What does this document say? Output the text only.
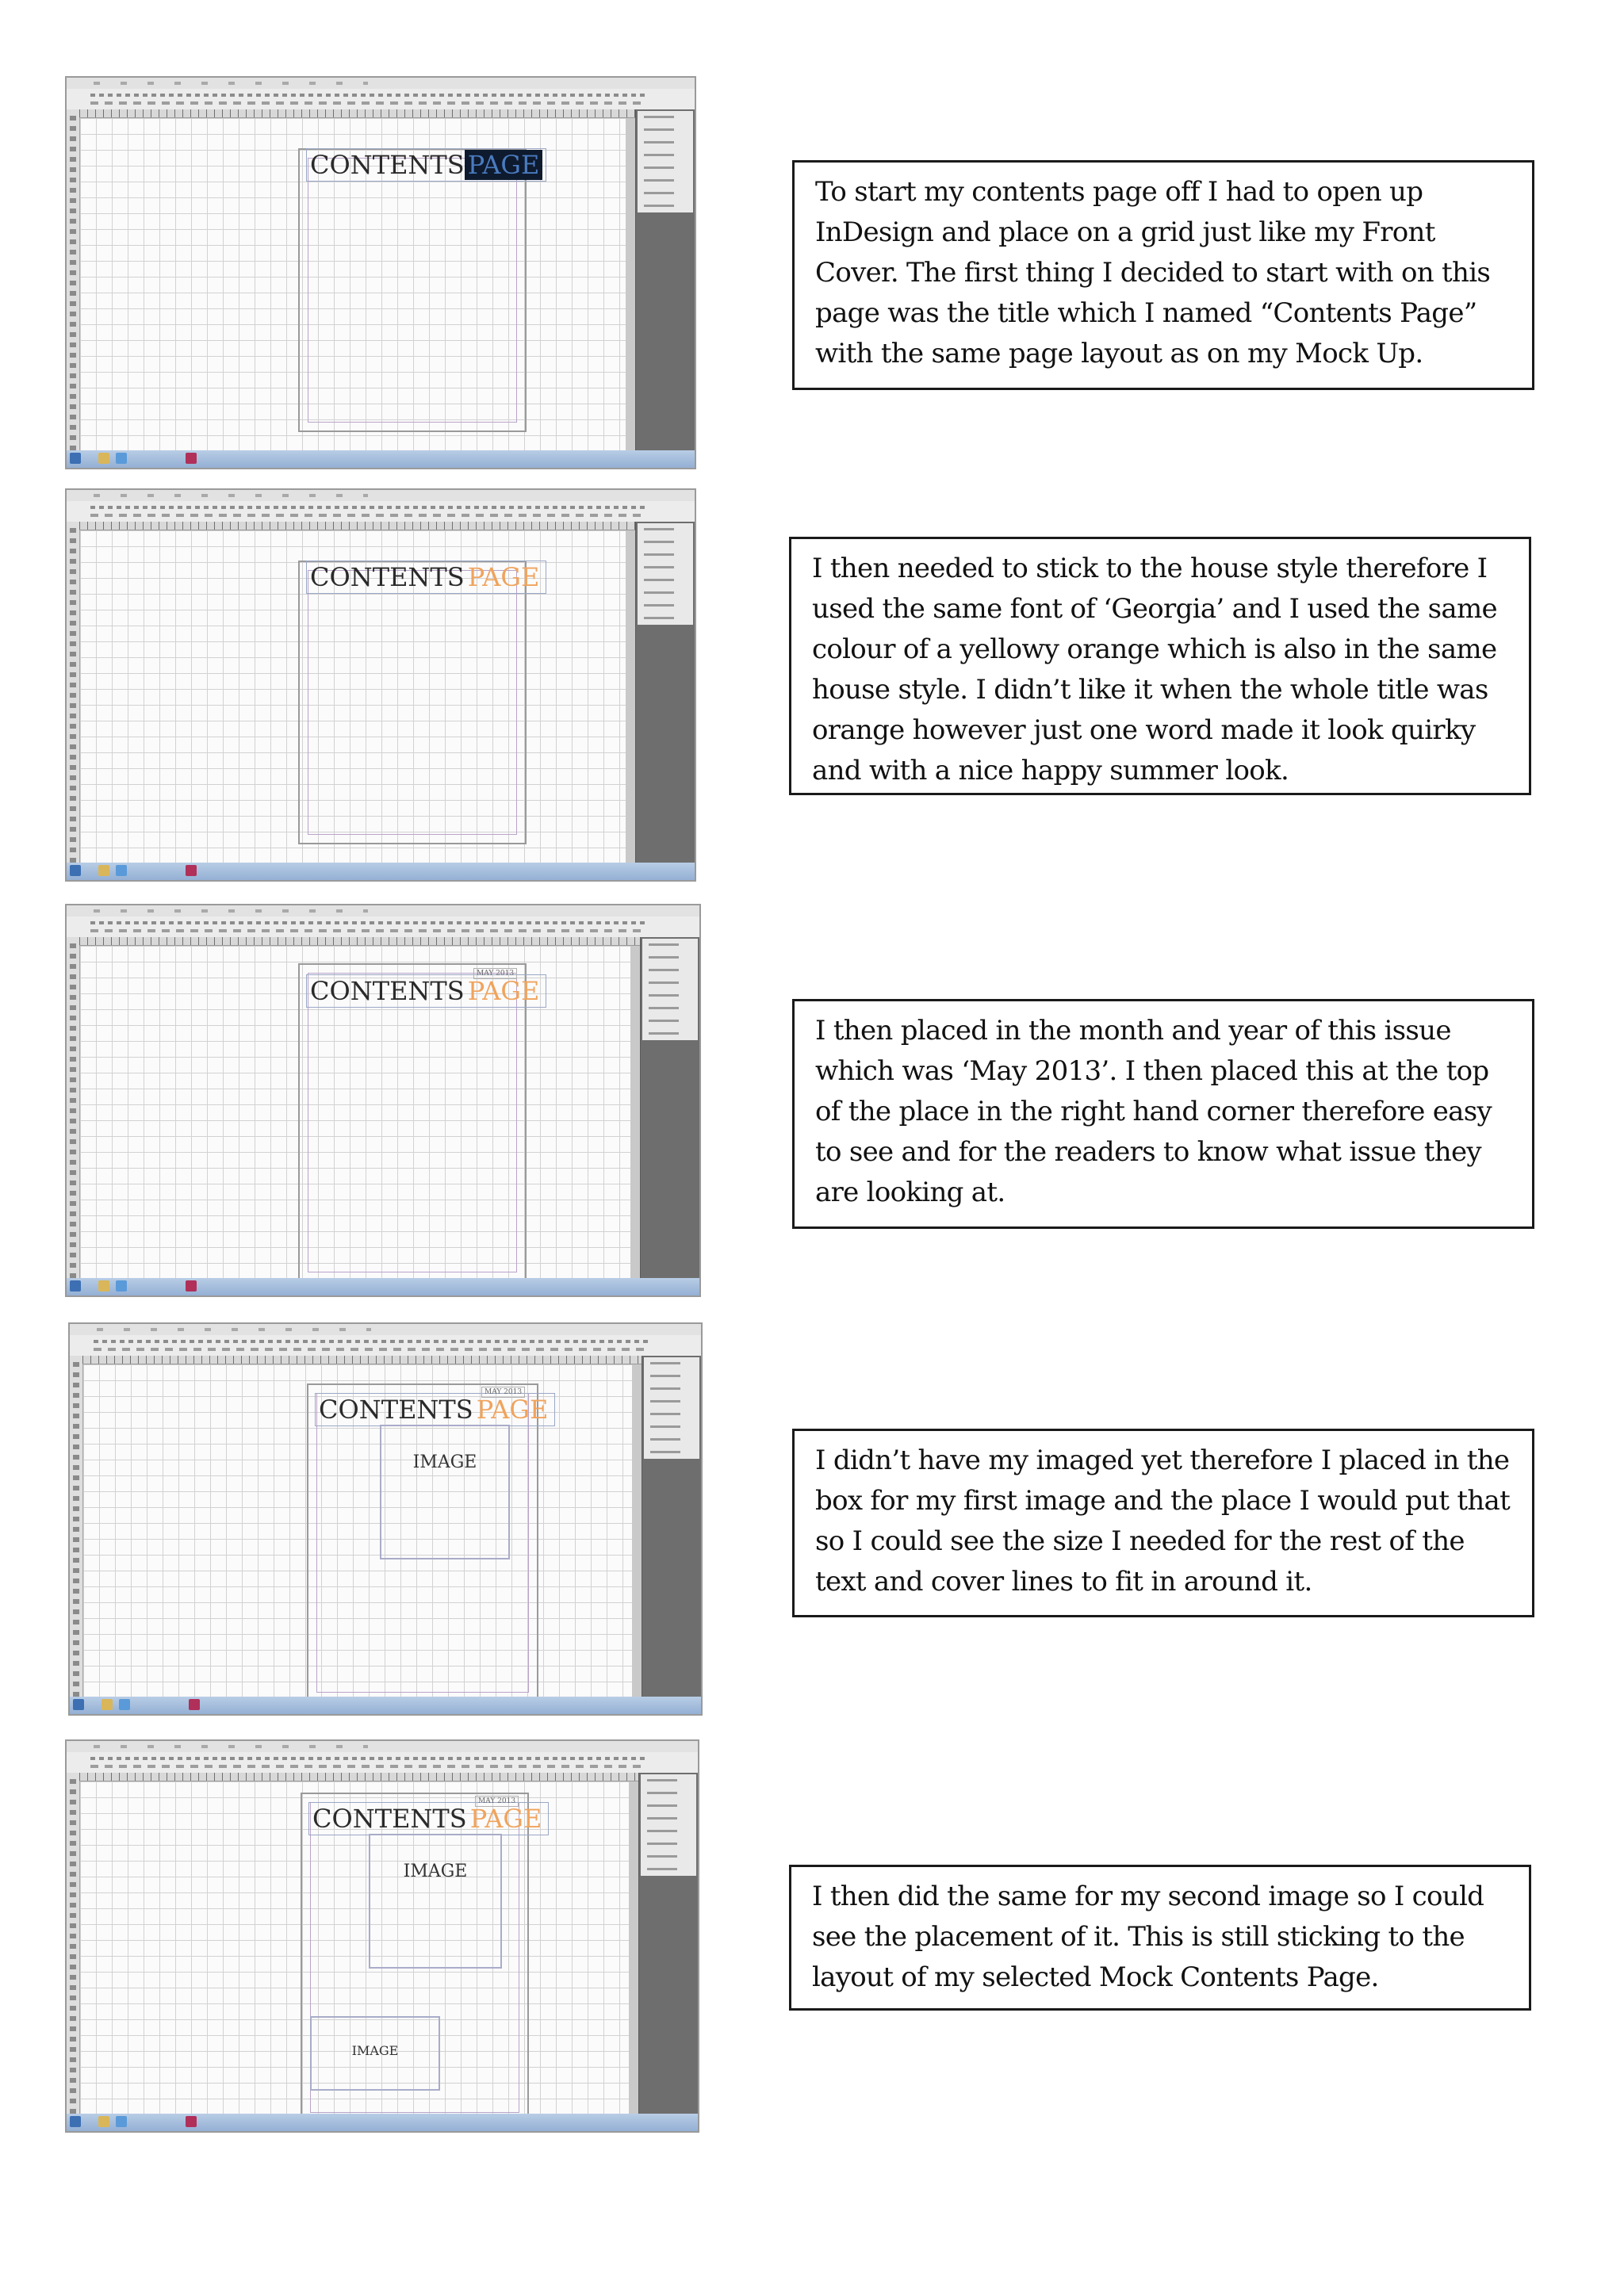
CONTENTS PAGE
To start my contents page off I had to open up InDesign and place on a grid just like my Front Cover. The first thing I decided to start with on this page was the title which I named “Contents Page” with the same page layout as on my Mock Up.
CONTENTS PAGE	I then needed to stick to the house style therefore I used the same font of ‘Georgia’ and I used the same colour of a yellowy orange which is also in the same house style. I didn’t like it when the whole title was orange however just one word made it look quirky and with a nice happy summer look.
CONTENTS PAGE
MAY 2013
I then placed in the month and year of this issue which was ‘May 2013’. I then placed this at the top of the place in the right hand corner therefore easy to see and for the readers to know what issue they are looking at.
CONTENTS PAGE
MAY 2013
IMAGE	I didn’t have my imaged yet therefore I placed in the box for my first image and the place I would put that so I could see the size I needed for the rest of the text and cover lines to fit in around it.
CONTENTS PAGE
MAY 2013
IMAGE
IMAGE
I then did the same for my second image so I could see the placement of it. This is still sticking to the layout of my selected Mock Contents Page.
